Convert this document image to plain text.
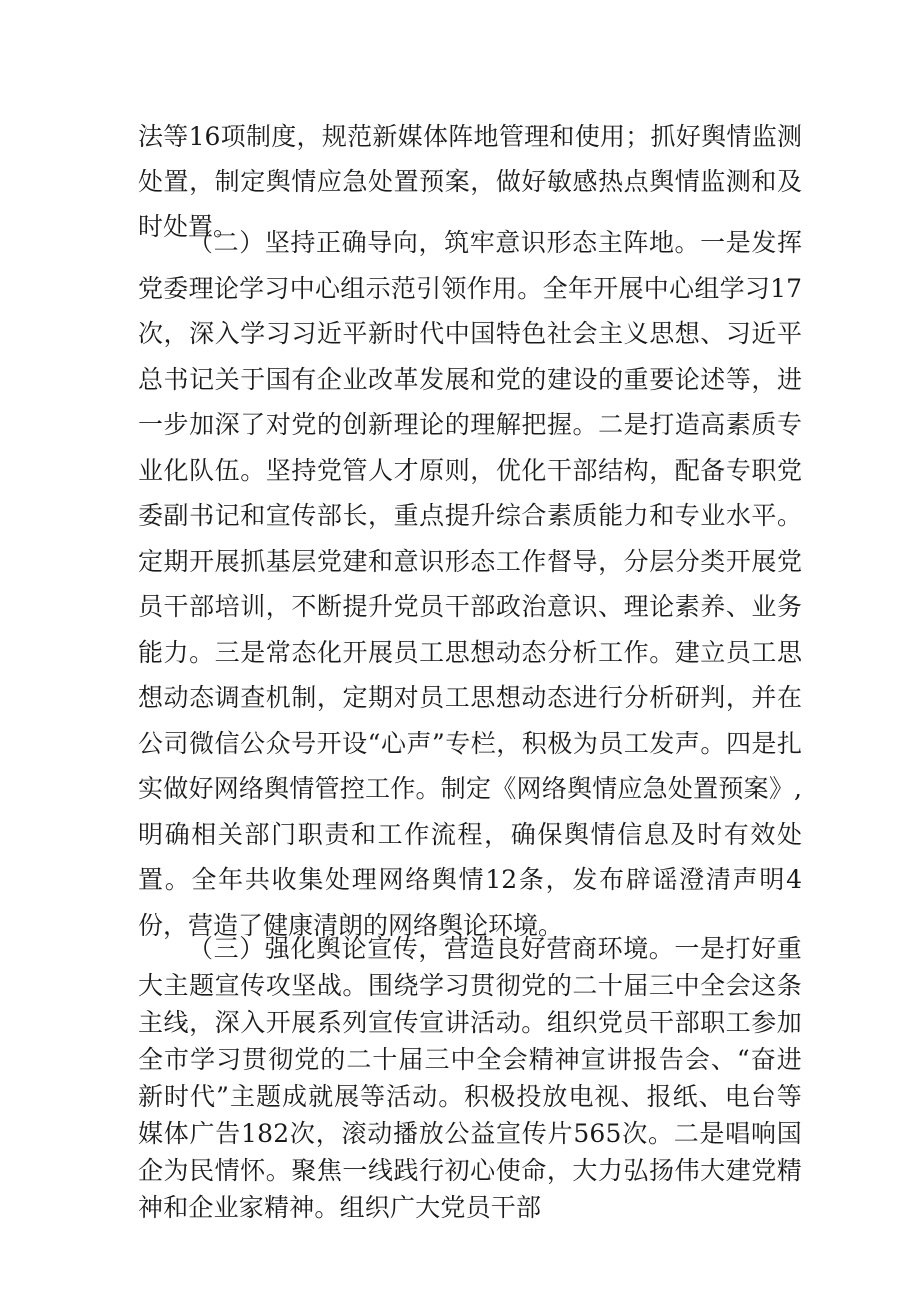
法等16项制度，规范新媒体阵地管理和使用；抓好舆情监测处置，制定舆情应急处置预案，做好敏感热点舆情监测和及时处置。

（二）坚持正确导向，筑牢意识形态主阵地。一是发挥党委理论学习中心组示范引领作用。全年开展中心组学习17次，深入学习习近平新时代中国特色社会主义思想、习近平总书记关于国有企业改革发展和党的建设的重要论述等，进一步加深了对党的创新理论的理解把握。二是打造高素质专业化队伍。坚持党管人才原则，优化干部结构，配备专职党委副书记和宣传部长，重点提升综合素质能力和专业水平。定期开展抓基层党建和意识形态工作督导，分层分类开展党员干部培训，不断提升党员干部政治意识、理论素养、业务能力。三是常态化开展员工思想动态分析工作。建立员工思想动态调查机制，定期对员工思想动态进行分析研判，并在公司微信公众号开设“心声”专栏，积极为员工发声。四是扎实做好网络舆情管控工作。制定《网络舆情应急处置预案》,明确相关部门职责和工作流程，确保舆情信息及时有效处置。全年共收集处理网络舆情12条，发布辟谣澄清声明4份，营造了健康清朗的网络舆论环境。

（三）强化舆论宣传，营造良好营商环境。一是打好重大主题宣传攻坚战。围绕学习贯彻党的二十届三中全会这条主线，深入开展系列宣传宣讲活动。组织党员干部职工参加全市学习贯彻党的二十届三中全会精神宣讲报告会、“奋进新时代”主题成就展等活动。积极投放电视、报纸、电台等媒体广告182次，滚动播放公益宣传片565次。二是唱响国企为民情怀。聚焦一线践行初心使命，大力弘扬伟大建党精神和企业家精神。组织广大党员干部
